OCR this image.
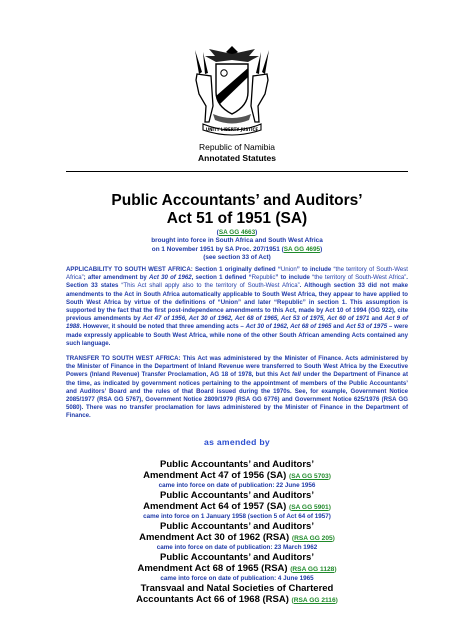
UNITY LIBERTY JUSTICE
Republic of Namibia
Annotated Statutes
Public Accountants’ and Auditors’
Act 51 of 1951 (SA)
(SA GG 4663)
brought into force in South Africa and South West Africa
on 1 November 1951 by SA Proc. 207/1951 (SA GG 4695)
(see section 33 of Act)
APPLICABILITY TO SOUTH WEST AFRICA: Section 1 originally defined “Union” to include “the territory of South-West Africa”; after amendment by Act 30 of 1962, section 1 defined “Republic” to include “the territory of South-West Africa”. Section 33 states “This Act shall apply also to the territory of South-West Africa”. Although section 33 did not make amendments to the Act in South Africa automatically applicable to South West Africa, they appear to have applied to South West Africa by virtue of the definitions of “Union” and later “Republic” in section 1. This assumption is supported by the fact that the first post-independence amendments to this Act, made by Act 10 of 1994 (GG 922), cite previous amendments by Act 47 of 1956, Act 30 of 1962, Act 68 of 1965, Act 53 of 1975, Act 60 of 1971 and Act 9 of 1988. However, it should be noted that three amending acts – Act 30 of 1962, Act 68 of 1965 and Act 53 of 1975 – were made expressly applicable to South West Africa, while none of the other South African amending Acts contained any such language.
TRANSFER TO SOUTH WEST AFRICA: This Act was administered by the Minister of Finance. Acts administered by the Minister of Finance in the Department of Inland Revenue were transferred to South West Africa by the Executive Powers (Inland Revenue) Transfer Proclamation, AG 18 of 1978, but this Act fell under the Department of Finance at the time, as indicated by government notices pertaining to the appointment of members of the Public Accountants’ and Auditors’ Board and the rules of that Board issued during the 1970s. See, for example, Government Notice 2085/1977 (RSA GG 5767), Government Notice 2809/1979 (RSA GG 6776) and Government Notice 625/1976 (RSA GG 5080). There was no transfer proclamation for laws administered by the Minister of Finance in the Department of Finance.
as amended by
Public Accountants’ and Auditors’
Amendment Act 47 of 1956 (SA) (SA GG 5703)
came into force on date of publication: 22 June 1956
Public Accountants’ and Auditors’
Amendment Act 64 of 1957 (SA) (SA GG 5901)
came into force on 1 January 1958 (section 5 of Act 64 of 1957)
Public Accountants’ and Auditors’
Amendment Act 30 of 1962 (RSA) (RSA GG 205)
came into force on date of publication: 23 March 1962
Public Accountants’ and Auditors’
Amendment Act 68 of 1965 (RSA) (RSA GG 1128)
came into force on date of publication: 4 June 1965
Transvaal and Natal Societies of Chartered
Accountants Act 66 of 1968 (RSA) (RSA GG 2116)
